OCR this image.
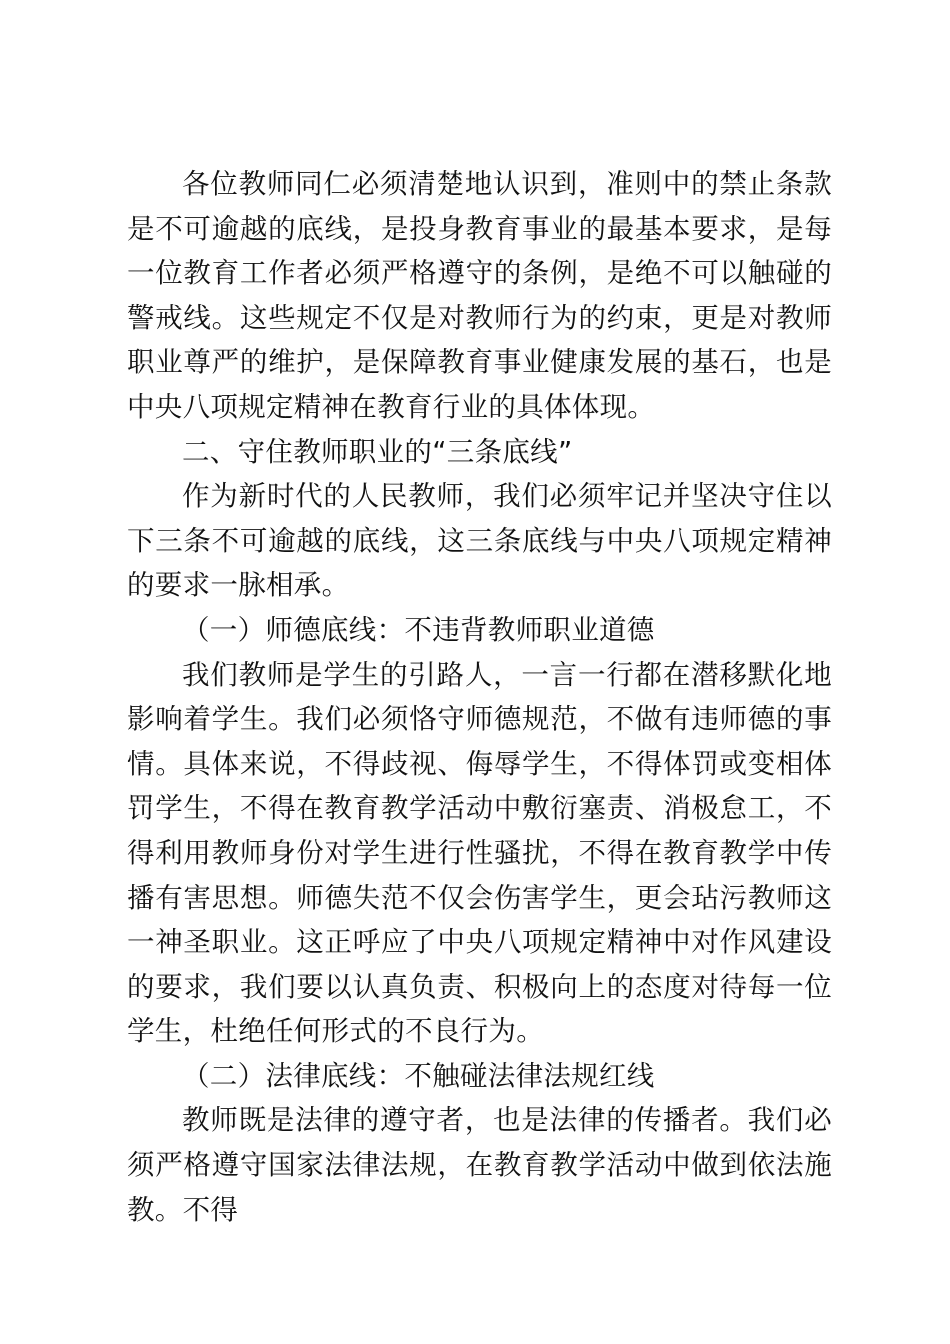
各位教师同仁必须清楚地认识到，准则中的禁止条款是不可逾越的底线，是投身教育事业的最基本要求，是每一位教育工作者必须严格遵守的条例，是绝不可以触碰的警戒线。这些规定不仅是对教师行为的约束，更是对教师职业尊严的维护，是保障教育事业健康发展的基石，也是中央八项规定精神在教育行业的具体体现。

二、守住教师职业的“三条底线”

作为新时代的人民教师，我们必须牢记并坚决守住以下三条不可逾越的底线，这三条底线与中央八项规定精神的要求一脉相承。

（一）师德底线：不违背教师职业道德

我们教师是学生的引路人，一言一行都在潜移默化地影响着学生。我们必须恪守师德规范，不做有违师德的事情。具体来说，不得歧视、侮辱学生，不得体罚或变相体罚学生，不得在教育教学活动中敷衍塞责、消极怠工，不得利用教师身份对学生进行性骚扰，不得在教育教学中传播有害思想。师德失范不仅会伤害学生，更会玷污教师这一神圣职业。这正呼应了中央八项规定精神中对作风建设的要求，我们要以认真负责、积极向上的态度对待每一位学生，杜绝任何形式的不良行为。

（二）法律底线：不触碰法律法规红线

教师既是法律的遵守者，也是法律的传播者。我们必须严格遵守国家法律法规，在教育教学活动中做到依法施教。不得
